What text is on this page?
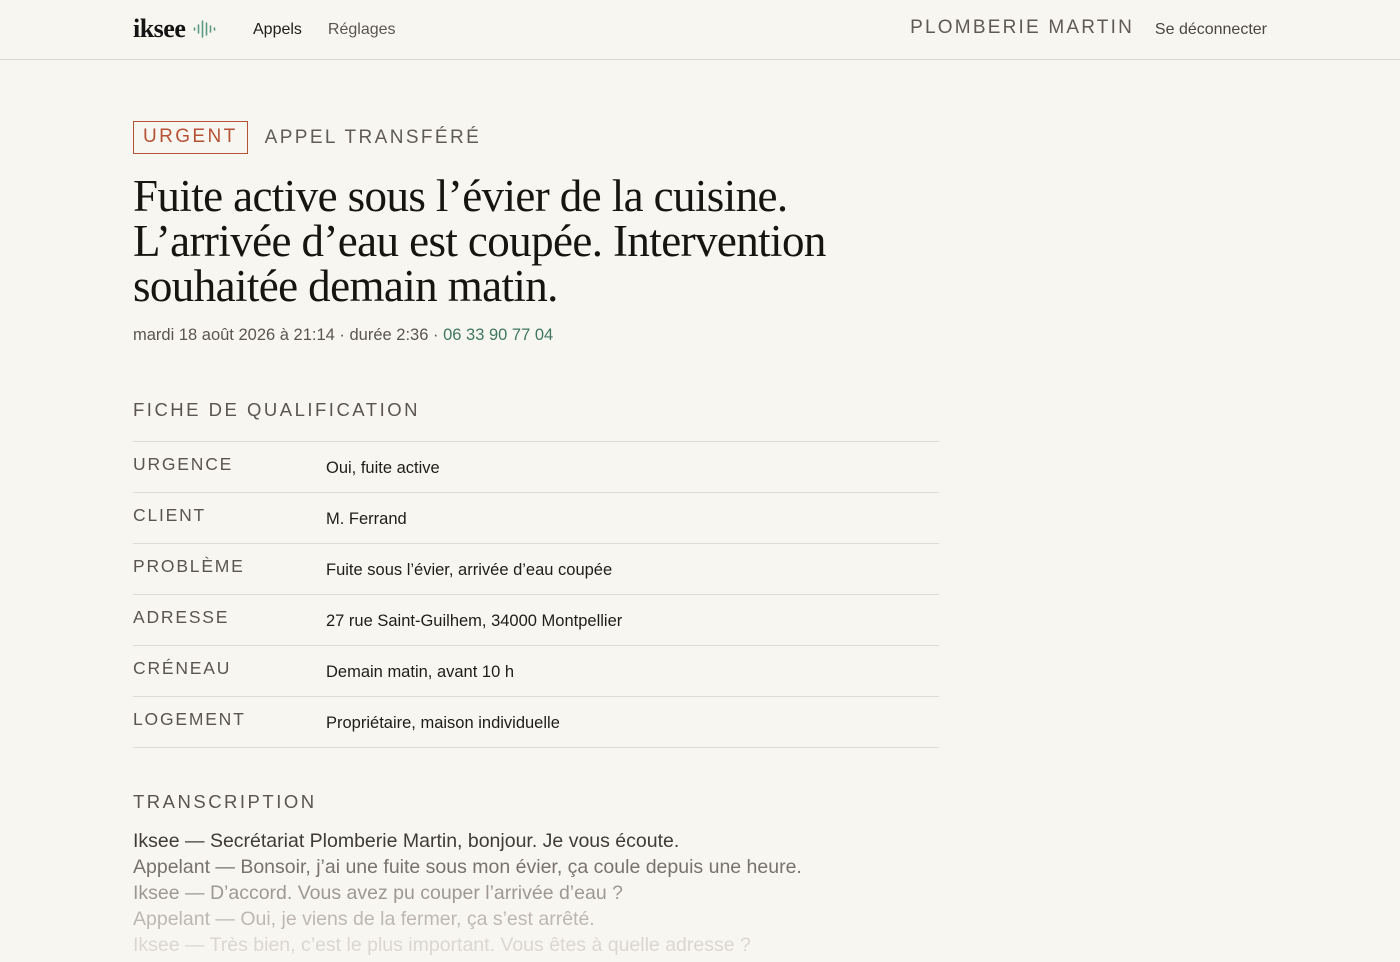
iksee	Appels Réglages	PLOMBERIE MARTIN Se déconnecter
URGENT	APPEL TRANSFÉRÉ
Fuite active sous l’évier de la cuisine. L’arrivée d’eau est coupée. Intervention souhaitée demain matin.
mardi 18 août 2026 à 21:14 · durée 2:36 · 06 33 90 77 04
FICHE DE QUALIFICATION
URGENCE	Oui, fuite active
CLIENT	M. Ferrand
PROBLÈME	Fuite sous l’évier, arrivée d’eau coupée
ADRESSE	27 rue Saint-Guilhem, 34000 Montpellier
CRÉNEAU	Demain matin, avant 10 h
LOGEMENT	Propriétaire, maison individuelle
TRANSCRIPTION
Iksee — Secrétariat Plomberie Martin, bonjour. Je vous écoute.
Appelant — Bonsoir, j’ai une fuite sous mon évier, ça coule depuis une heure.
Iksee — D’accord. Vous avez pu couper l’arrivée d’eau ?
Appelant — Oui, je viens de la fermer, ça s’est arrêté.
Iksee — Très bien, c’est le plus important. Vous êtes à quelle adresse ?
